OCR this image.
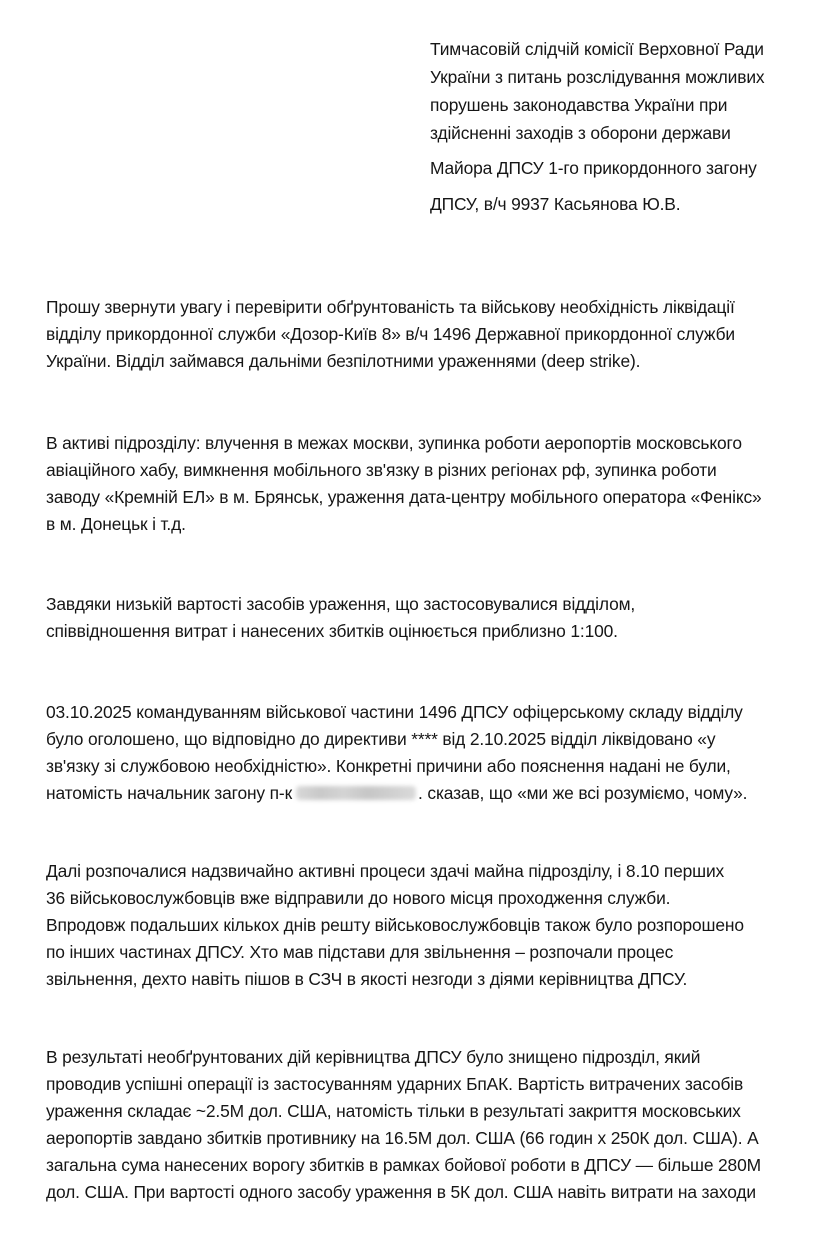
Тимчасовій слідчій комісії Верховної Ради
України з питань розслідування можливих
порушень законодавства України при
здійсненні заходів з оборони держави
Майора ДПСУ 1-го прикордонного загону
ДПСУ, в/ч 9937 Касьянова Ю.В.
Прошу звернути увагу і перевірити обґрунтованість та військову необхідність ліквідації
відділу прикордонної служби «Дозор-Київ 8» в/ч 1496 Державної прикордонної служби
України. Відділ займався дальніми безпілотними ураженнями (deep strike).
В активі підрозділу: влучення в межах москви, зупинка роботи аеропортів московського
авіаційного хабу, вимкнення мобільного зв'язку в різних регіонах рф, зупинка роботи
заводу «Кремній ЕЛ» в м. Брянськ, ураження дата-центру мобільного оператора «Фенікс»
в м. Донецьк і т.д.
Завдяки низькій вартості засобів ураження, що застосовувалися відділом,
співвідношення витрат і нанесених збитків оцінюється приблизно 1:100.
03.10.2025 командуванням військової частини 1496 ДПСУ офіцерському складу відділу
було оголошено, що відповідно до директиви **** від 2.10.2025 відділ ліквідовано «у
зв'язку зі службовою необхідністю». Конкретні причини або пояснення надані не були,
натомість начальник загону п-к	. сказав, що «ми же всі розуміємо, чому».
Далі розпочалися надзвичайно активні процеси здачі майна підрозділу, і 8.10 перших
36 військовослужбовців вже відправили до нового місця проходження служби.
Впродовж подальших кількох днів решту військовослужбовців також було розпорошено
по інших частинах ДПСУ. Хто мав підстави для звільнення – розпочали процес
звільнення, дехто навіть пішов в СЗЧ в якості незгоди з діями керівництва ДПСУ.
В результаті необґрунтованих дій керівництва ДПСУ було знищено підрозділ, який
проводив успішні операції із застосуванням ударних БпАК. Вартість витрачених засобів
ураження складає ~2.5М дол. США, натомість тільки в результаті закриття московських
аеропортів завдано збитків противнику на 16.5М дол. США (66 годин х 250К дол. США). А
загальна сума нанесених ворогу збитків в рамках бойової роботи в ДПСУ — більше 280М
дол. США. При вартості одного засобу ураження в 5К дол. США навіть витрати на заходи
